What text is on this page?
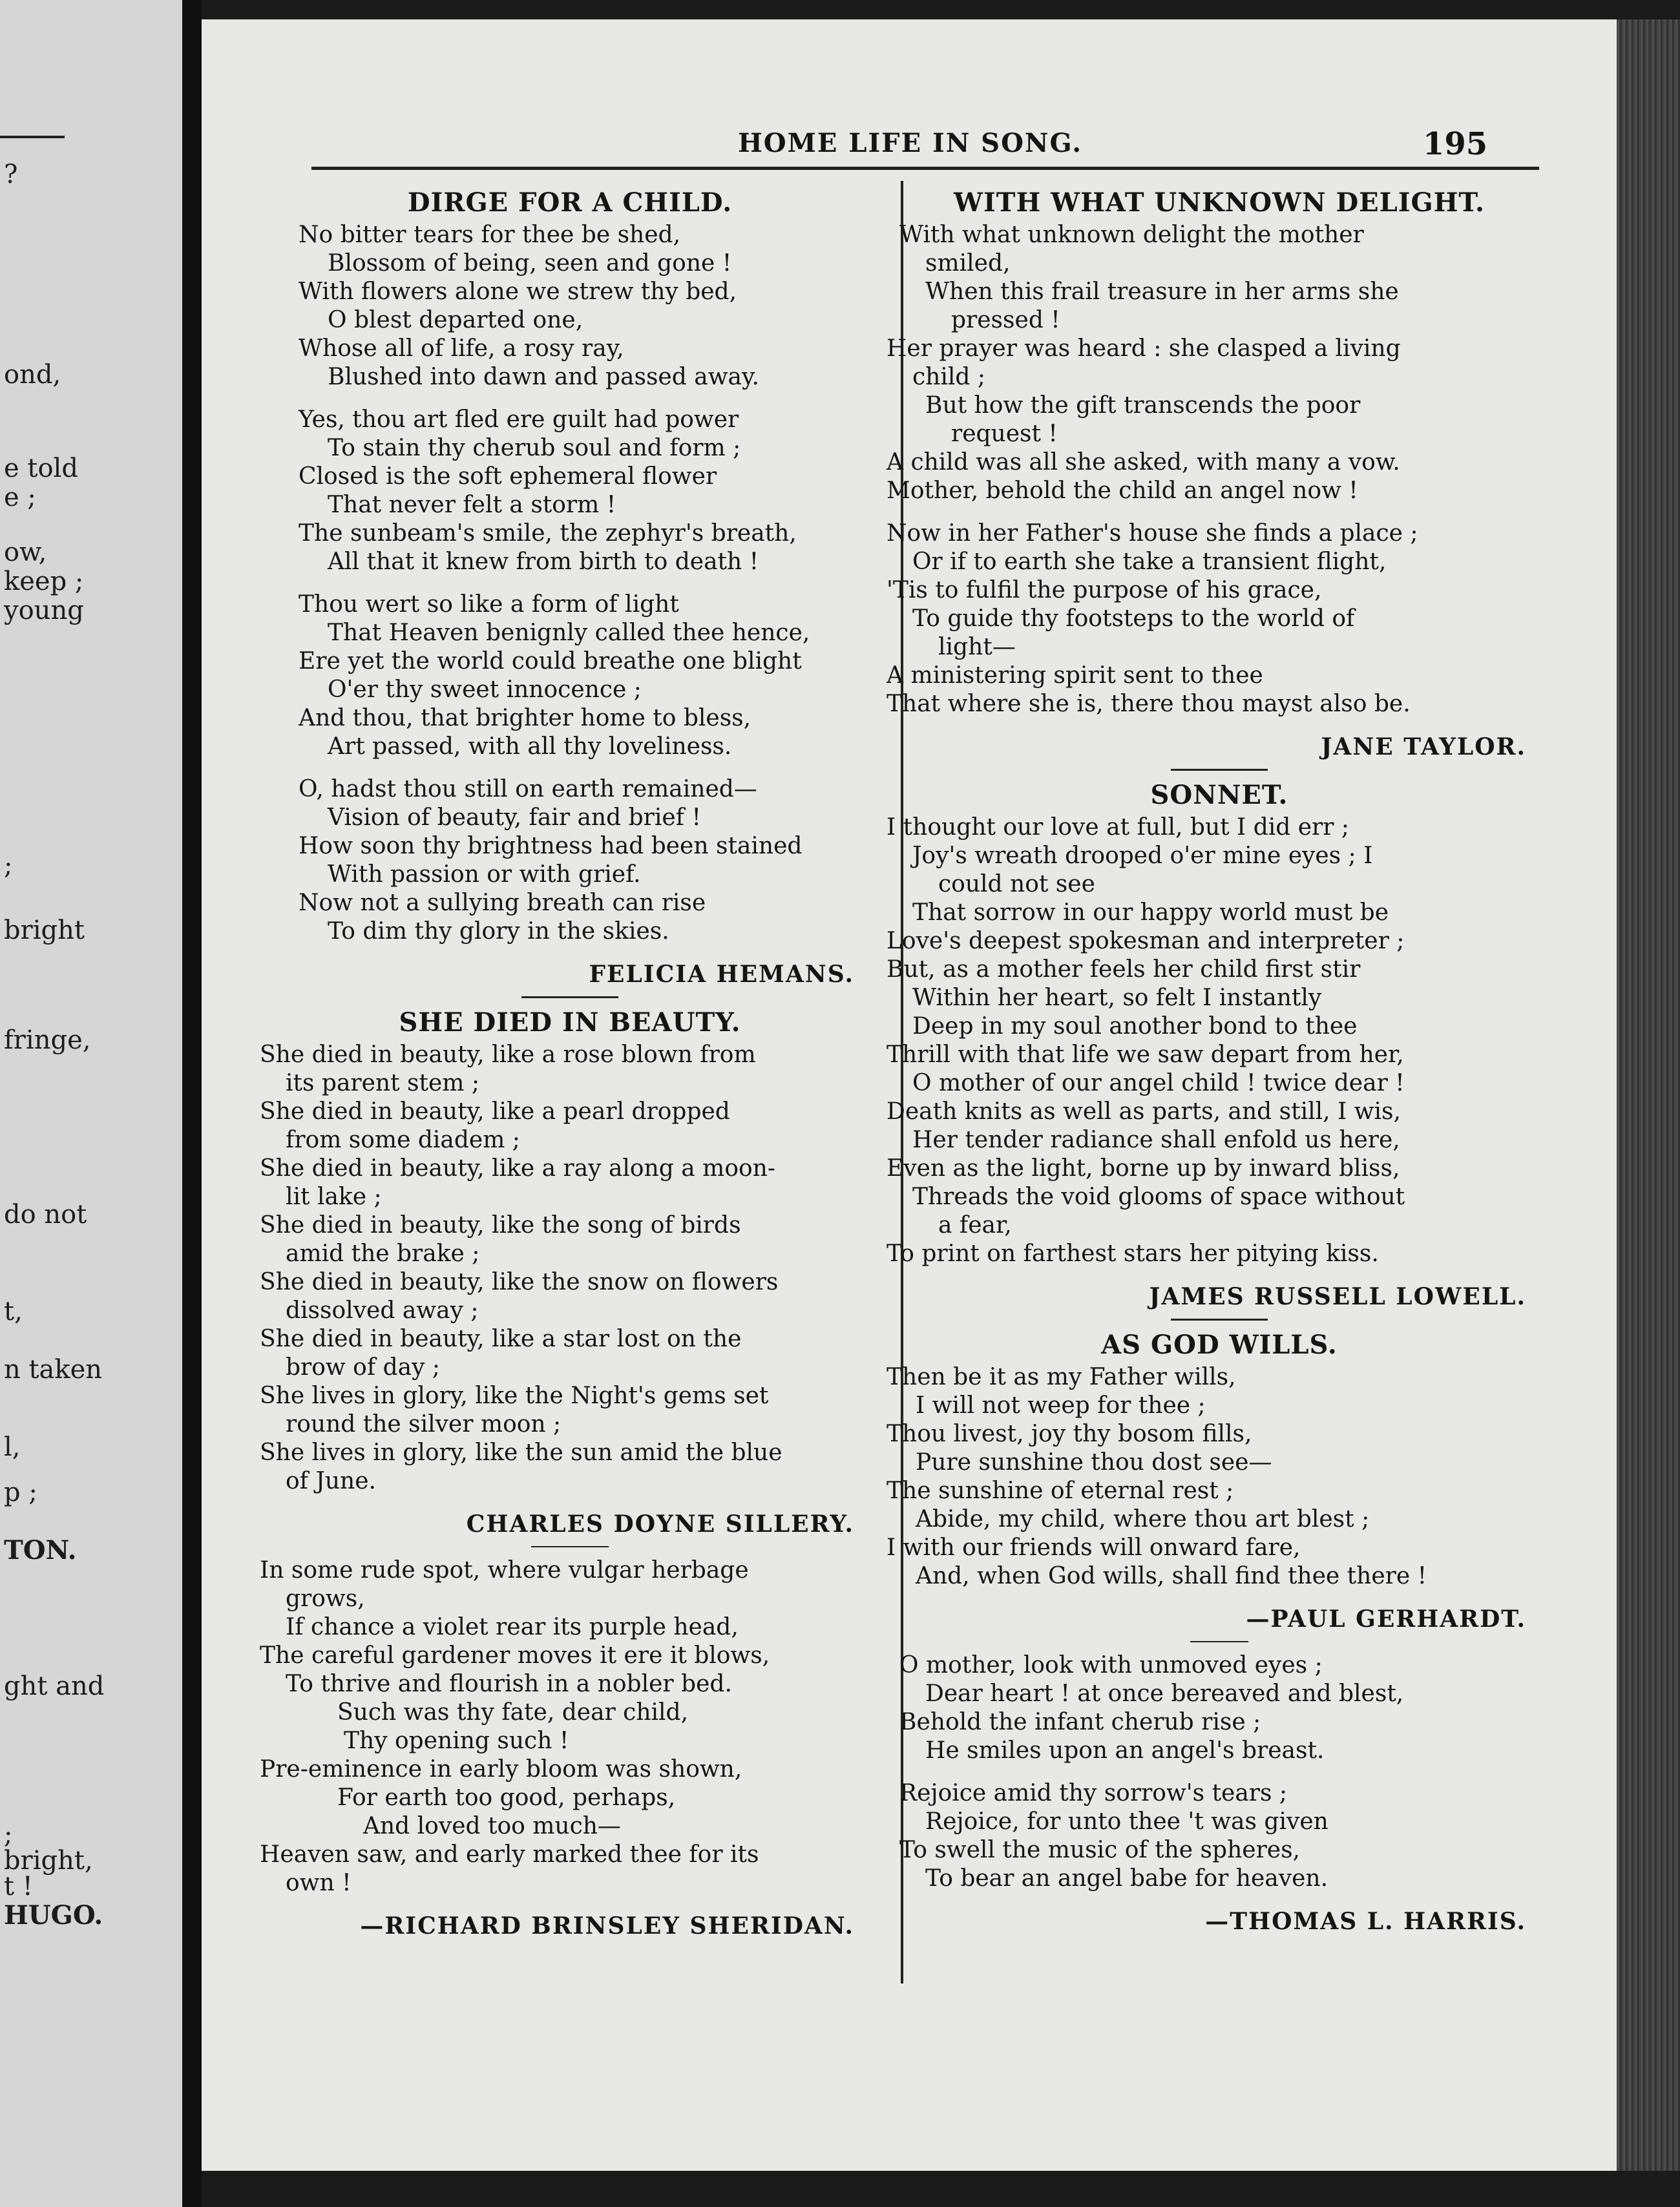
?
ond,
e told
e ;
ow,
keep ;
young
;
bright
fringe,
do not
t,
n taken
l,
p ;
TON.
ght and
;
bright,
t !
HUGO.
HOME LIFE IN SONG.	195
DIRGE FOR A CHILD.
No bitter tears for thee be shed,
Blossom of being, seen and gone !
With flowers alone we strew thy bed,
O blest departed one,
Whose all of life, a rosy ray,
Blushed into dawn and passed away.
Yes, thou art fled ere guilt had power
To stain thy cherub soul and form ;
Closed is the soft ephemeral flower
That never felt a storm !
The sunbeam's smile, the zephyr's breath,
All that it knew from birth to death !
Thou wert so like a form of light
That Heaven benignly called thee hence,
Ere yet the world could breathe one blight
O'er thy sweet innocence ;
And thou, that brighter home to bless,
Art passed, with all thy loveliness.
O, hadst thou still on earth remained—
Vision of beauty, fair and brief !
How soon thy brightness had been stained
With passion or with grief.
Now not a sullying breath can rise
To dim thy glory in the skies.
FELICIA HEMANS.
SHE DIED IN BEAUTY.
She died in beauty, like a rose blown from
its parent stem ;
She died in beauty, like a pearl dropped
from some diadem ;
She died in beauty, like a ray along a moon-
lit lake ;
She died in beauty, like the song of birds
amid the brake ;
She died in beauty, like the snow on flowers
dissolved away ;
She died in beauty, like a star lost on the
brow of day ;
She lives in glory, like the Night's gems set
round the silver moon ;
She lives in glory, like the sun amid the blue
of June.
CHARLES DOYNE SILLERY.
In some rude spot, where vulgar herbage
grows,
If chance a violet rear its purple head,
The careful gardener moves it ere it blows,
To thrive and flourish in a nobler bed.
Such was thy fate, dear child,
Thy opening such !
Pre-eminence in early bloom was shown,
For earth too good, perhaps,
And loved too much—
Heaven saw, and early marked thee for its
own !
—RICHARD BRINSLEY SHERIDAN.
WITH WHAT UNKNOWN DELIGHT.
With what unknown delight the mother
smiled,
When this frail treasure in her arms she
pressed !
Her prayer was heard : she clasped a living
child ;
But how the gift transcends the poor
request !
A child was all she asked, with many a vow.
Mother, behold the child an angel now !
Now in her Father's house she finds a place ;
Or if to earth she take a transient flight,
'Tis to fulfil the purpose of his grace,
To guide thy footsteps to the world of
light—
A ministering spirit sent to thee
That where she is, there thou mayst also be.
JANE TAYLOR.
SONNET.
I thought our love at full, but I did err ;
Joy's wreath drooped o'er mine eyes ; I
could not see
That sorrow in our happy world must be
Love's deepest spokesman and interpreter ;
But, as a mother feels her child first stir
Within her heart, so felt I instantly
Deep in my soul another bond to thee
Thrill with that life we saw depart from her,
O mother of our angel child ! twice dear !
Death knits as well as parts, and still, I wis,
Her tender radiance shall enfold us here,
Even as the light, borne up by inward bliss,
Threads the void glooms of space without
a fear,
To print on farthest stars her pitying kiss.
JAMES RUSSELL LOWELL.
AS GOD WILLS.
Then be it as my Father wills,
I will not weep for thee ;
Thou livest, joy thy bosom fills,
Pure sunshine thou dost see—
The sunshine of eternal rest ;
Abide, my child, where thou art blest ;
I with our friends will onward fare,
And, when God wills, shall find thee there !
—PAUL GERHARDT.
O mother, look with unmoved eyes ;
Dear heart ! at once bereaved and blest,
Behold the infant cherub rise ;
He smiles upon an angel's breast.
Rejoice amid thy sorrow's tears ;
Rejoice, for unto thee 't was given
To swell the music of the spheres,
To bear an angel babe for heaven.
—THOMAS L. HARRIS.
